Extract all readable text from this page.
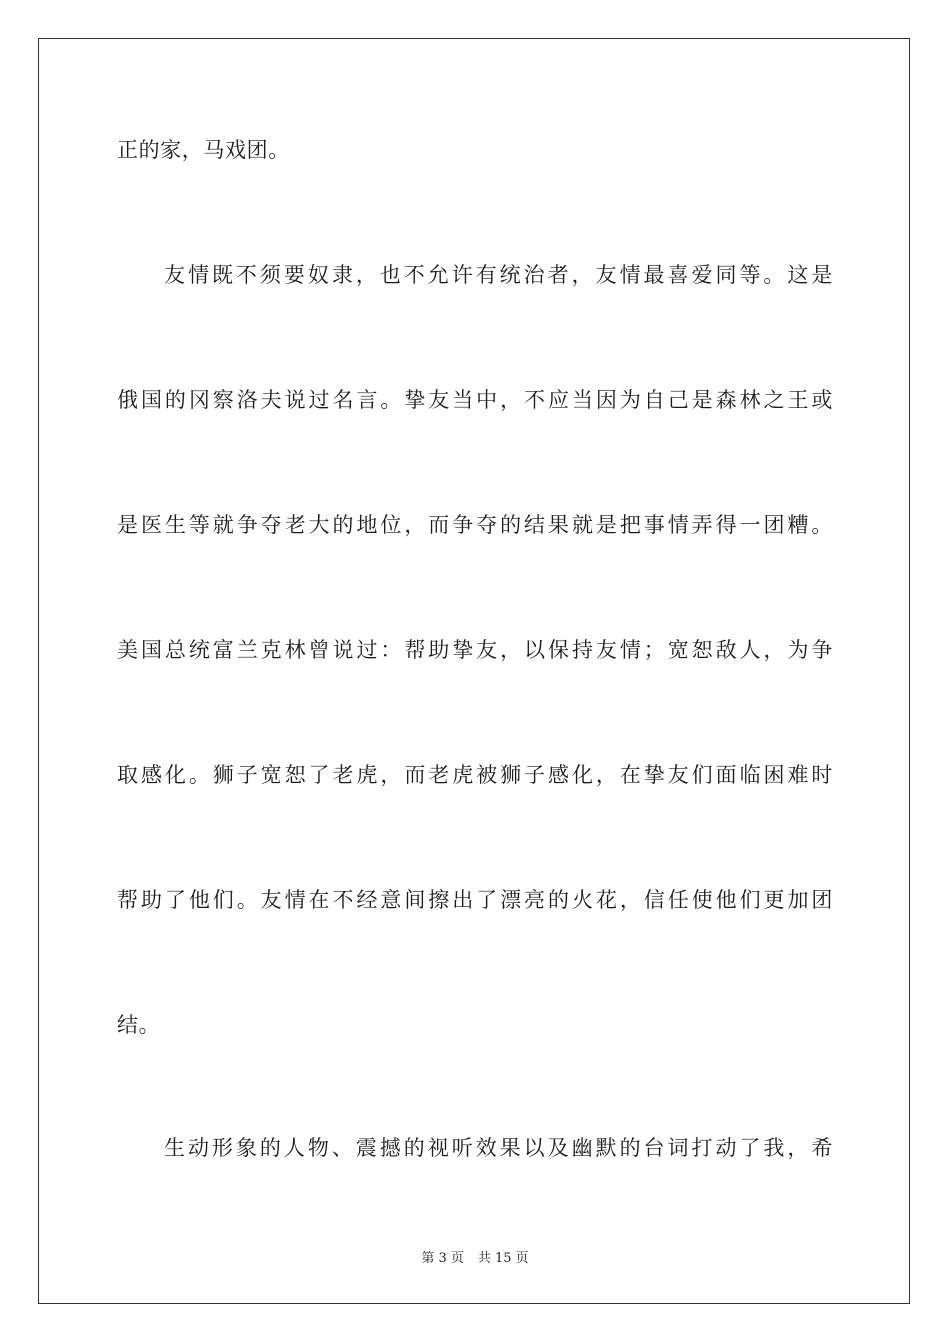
正的家，马戏团。
友情既不须要奴隶，也不允许有统治者，友情最喜爱同等。这是
俄国的冈察洛夫说过名言。挚友当中，不应当因为自己是森林之王或
是医生等就争夺老大的地位，而争夺的结果就是把事情弄得一团糟。
美国总统富兰克林曾说过：帮助挚友，以保持友情；宽恕敌人，为争
取感化。狮子宽恕了老虎，而老虎被狮子感化，在挚友们面临困难时
帮助了他们。友情在不经意间擦出了漂亮的火花，信任使他们更加团
结。
生动形象的人物、震撼的视听效果以及幽默的台词打动了我，希
第 3 页 共 15 页
